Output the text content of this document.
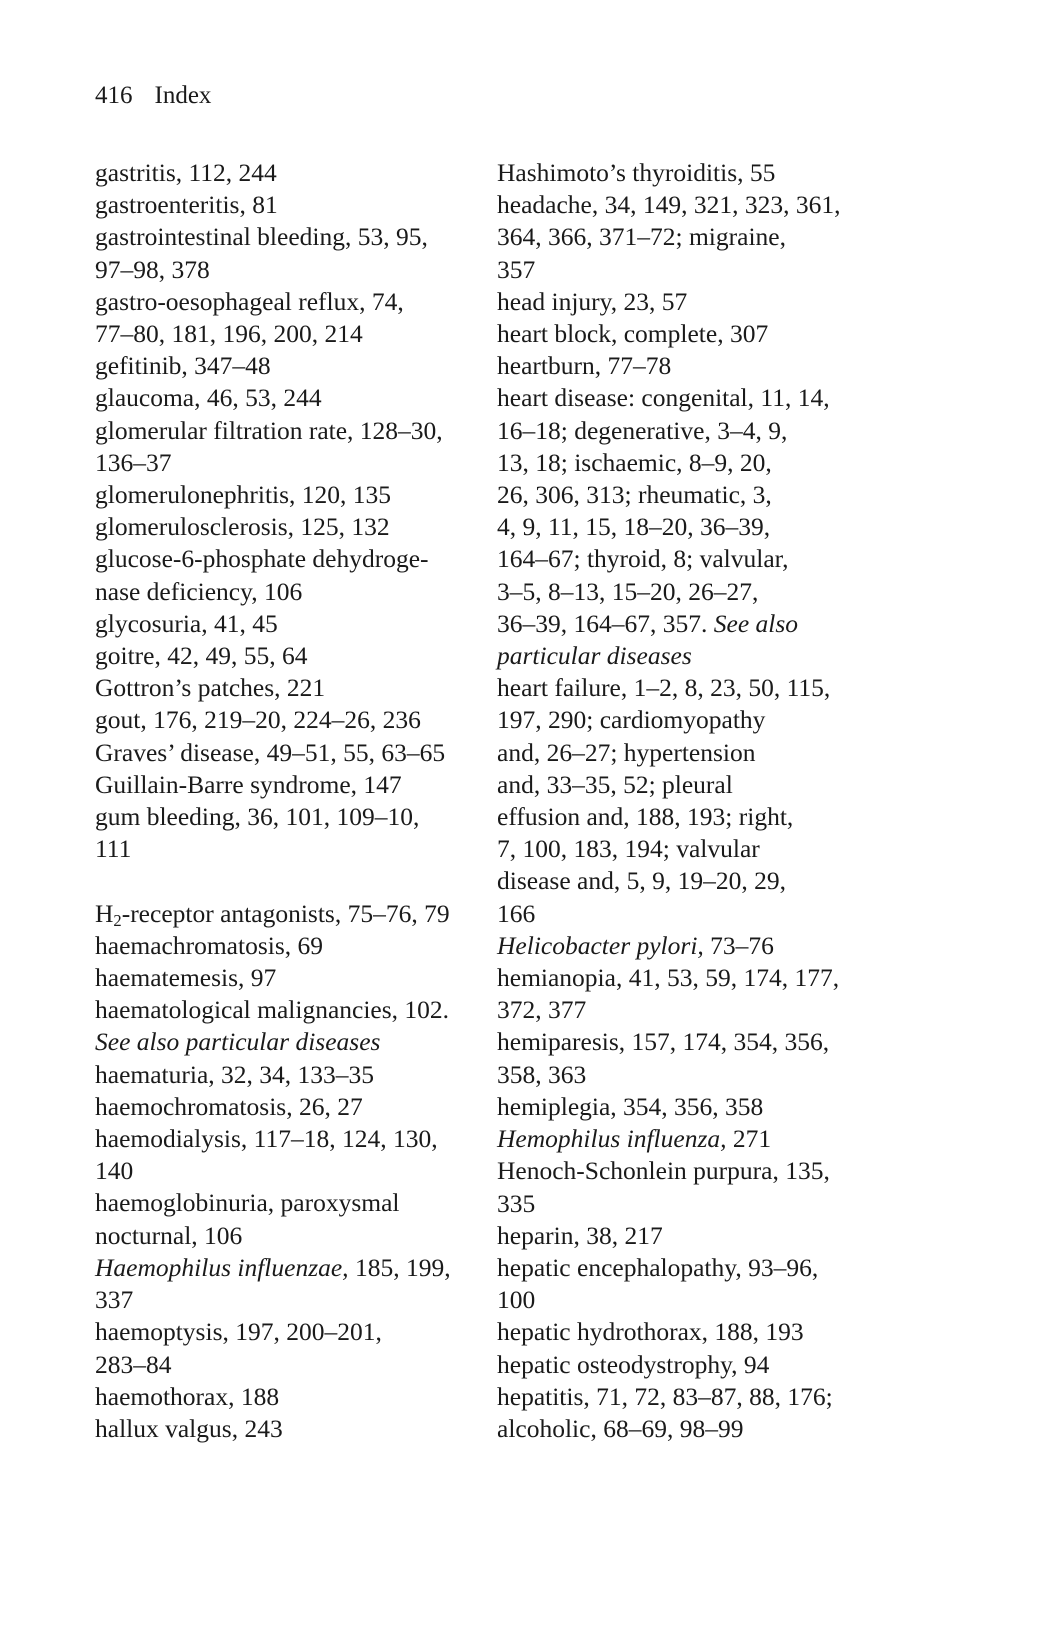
416 Index
gastritis, 112, 244
gastroenteritis, 81
gastrointestinal bleeding, 53, 95,
97–98, 378
gastro-oesophageal reflux, 74,
77–80, 181, 196, 200, 214
gefitinib, 347–48
glaucoma, 46, 53, 244
glomerular filtration rate, 128–30,
136–37
glomerulonephritis, 120, 135
glomerulosclerosis, 125, 132
glucose-6-phosphate dehydroge-
nase deficiency, 106
glycosuria, 41, 45
goitre, 42, 49, 55, 64
Gottron’s patches, 221
gout, 176, 219–20, 224–26, 236
Graves’ disease, 49–51, 55, 63–65
Guillain-Barre syndrome, 147
gum bleeding, 36, 101, 109–10,
111
$H_2$-receptor antagonists, 75–76, 79
haemachromatosis, 69
haematemesis, 97
haematological malignancies, 102.
See also particular diseases
haematuria, 32, 34, 133–35
haemochromatosis, 26, 27
haemodialysis, 117–18, 124, 130,
140
haemoglobinuria, paroxysmal
nocturnal, 106
Haemophilus influenzae, 185, 199,
337
haemoptysis, 197, 200–201,
283–84
haemothorax, 188
hallux valgus, 243
Hashimoto’s thyroiditis, 55
headache, 34, 149, 321, 323, 361,
364, 366, 371–72; migraine,
357
head injury, 23, 57
heart block, complete, 307
heartburn, 77–78
heart disease: congenital, 11, 14,
16–18; degenerative, 3–4, 9,
13, 18; ischaemic, 8–9, 20,
26, 306, 313; rheumatic, 3,
4, 9, 11, 15, 18–20, 36–39,
164–67; thyroid, 8; valvular,
3–5, 8–13, 15–20, 26–27,
36–39, 164–67, 357. See also
particular diseases
heart failure, 1–2, 8, 23, 50, 115,
197, 290; cardiomyopathy
and, 26–27; hypertension
and, 33–35, 52; pleural
effusion and, 188, 193; right,
7, 100, 183, 194; valvular
disease and, 5, 9, 19–20, 29,
166
Helicobacter pylori, 73–76
hemianopia, 41, 53, 59, 174, 177,
372, 377
hemiparesis, 157, 174, 354, 356,
358, 363
hemiplegia, 354, 356, 358
Hemophilus influenza, 271
Henoch-Schonlein purpura, 135,
335
heparin, 38, 217
hepatic encephalopathy, 93–96,
100
hepatic hydrothorax, 188, 193
hepatic osteodystrophy, 94
hepatitis, 71, 72, 83–87, 88, 176;
alcoholic, 68–69, 98–99
